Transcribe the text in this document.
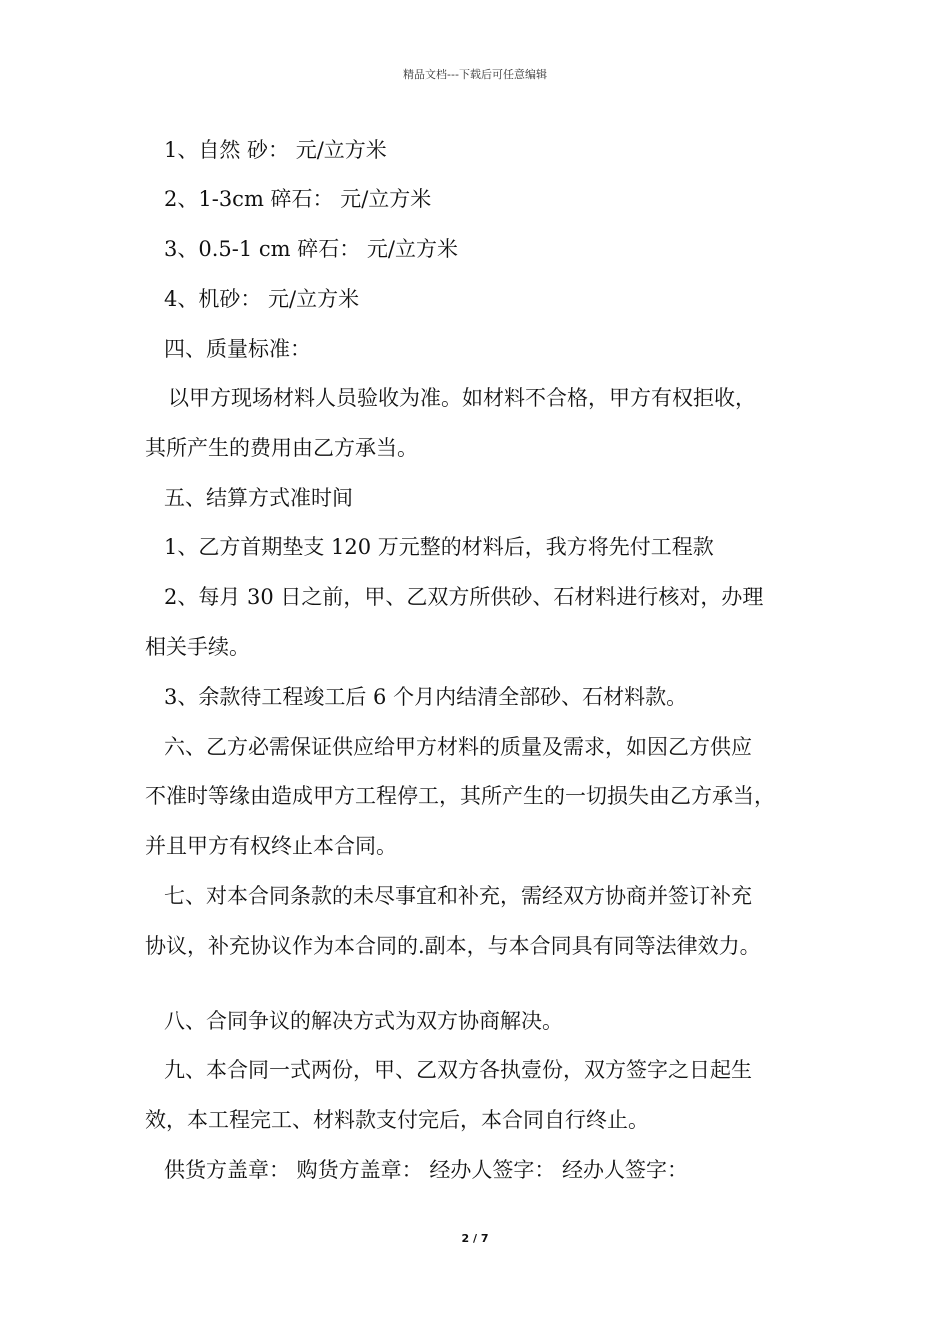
精品文档---下载后可任意编辑
1、自然 砂： 元/立方米
2、1-3cm 碎石： 元/立方米
3、0.5-1 cm 碎石： 元/立方米
4、机砂： 元/立方米
四、质量标准：
以甲方现场材料人员验收为准。如材料不合格，甲方有权拒收，
其所产生的费用由乙方承当。
五、结算方式准时间
1、乙方首期垫支 120 万元整的材料后，我方将先付工程款
2、每月 30 日之前，甲、乙双方所供砂、石材料进行核对，办理
相关手续。
3、余款待工程竣工后 6 个月内结清全部砂、石材料款。
六、乙方必需保证供应给甲方材料的质量及需求，如因乙方供应
不准时等缘由造成甲方工程停工，其所产生的一切损失由乙方承当，
并且甲方有权终止本合同。
七、对本合同条款的未尽事宜和补充，需经双方协商并签订补充
协议，补充协议作为本合同的.副本，与本合同具有同等法律效力。
八、合同争议的解决方式为双方协商解决。
九、本合同一式两份，甲、乙双方各执壹份，双方签字之日起生
效，本工程完工、材料款支付完后，本合同自行终止。
供货方盖章： 购货方盖章： 经办人签字： 经办人签字：
2 / 7
